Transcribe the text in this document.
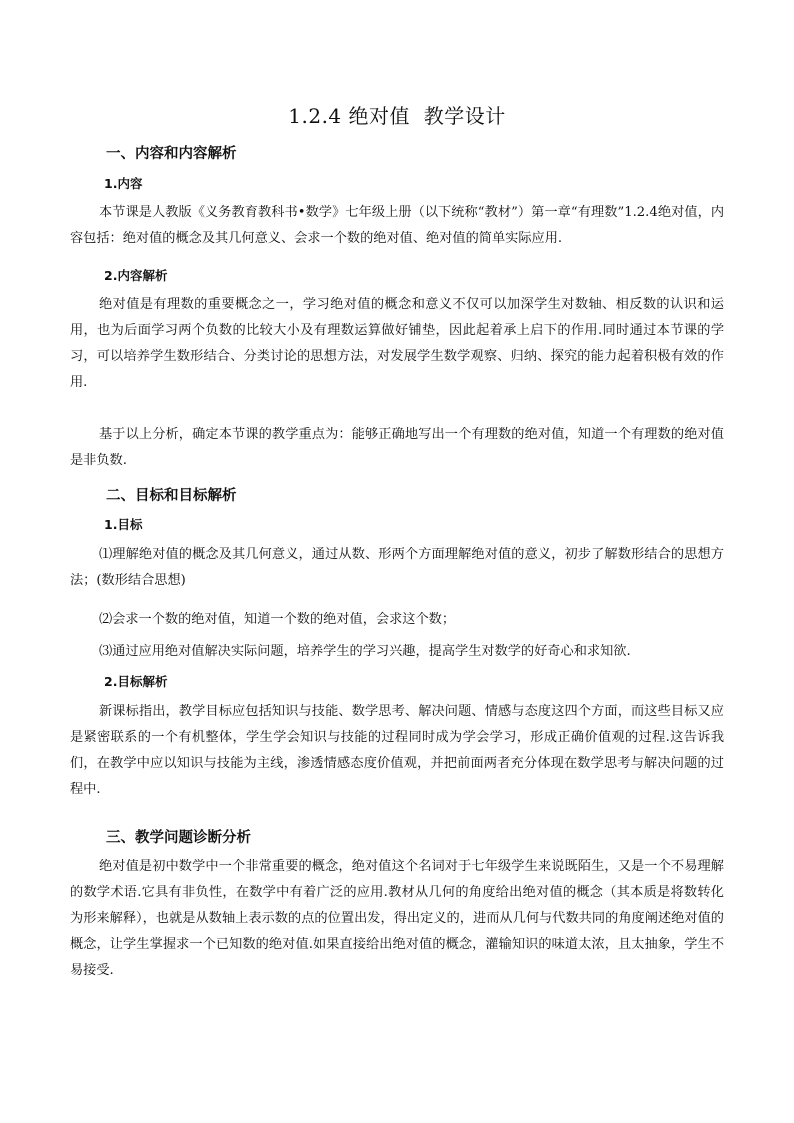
1.2.4 绝对值  教学设计
一、内容和内容解析
1.内容
本节课是人教版《义务教育教科书•数学》七年级上册（以下统称“教材”）第一章“有理数”1.2.4绝对值，内容包括：绝对值的概念及其几何意义、会求一个数的绝对值、绝对值的简单实际应用.
2.内容解析
绝对值是有理数的重要概念之一，学习绝对值的概念和意义不仅可以加深学生对数轴、相反数的认识和运用，也为后面学习两个负数的比较大小及有理数运算做好铺垫，因此起着承上启下的作用.同时通过本节课的学习，可以培养学生数形结合、分类讨论的思想方法，对发展学生数学观察、归纳、探究的能力起着积极有效的作用.
基于以上分析，确定本节课的教学重点为：能够正确地写出一个有理数的绝对值，知道一个有理数的绝对值是非负数.
二、目标和目标解析
1.目标
⑴理解绝对值的概念及其几何意义，通过从数、形两个方面理解绝对值的意义，初步了解数形结合的思想方法；(数形结合思想)
⑵会求一个数的绝对值，知道一个数的绝对值，会求这个数；
⑶通过应用绝对值解决实际问题，培养学生的学习兴趣，提高学生对数学的好奇心和求知欲.
2.目标解析
新课标指出，教学目标应包括知识与技能、数学思考、解决问题、情感与态度这四个方面，而这些目标又应是紧密联系的一个有机整体，学生学会知识与技能的过程同时成为学会学习，形成正确价值观的过程.这告诉我们，在教学中应以知识与技能为主线，渗透情感态度价值观，并把前面两者充分体现在数学思考与解决问题的过程中.
三、教学问题诊断分析
绝对值是初中数学中一个非常重要的概念，绝对值这个名词对于七年级学生来说既陌生，又是一个不易理解的数学术语.它具有非负性，在数学中有着广泛的应用.教材从几何的角度给出绝对值的概念（其本质是将数转化为形来解释），也就是从数轴上表示数的点的位置出发，得出定义的，进而从几何与代数共同的角度阐述绝对值的概念，让学生掌握求一个已知数的绝对值.如果直接给出绝对值的概念，灌输知识的味道太浓，且太抽象，学生不易接受.
